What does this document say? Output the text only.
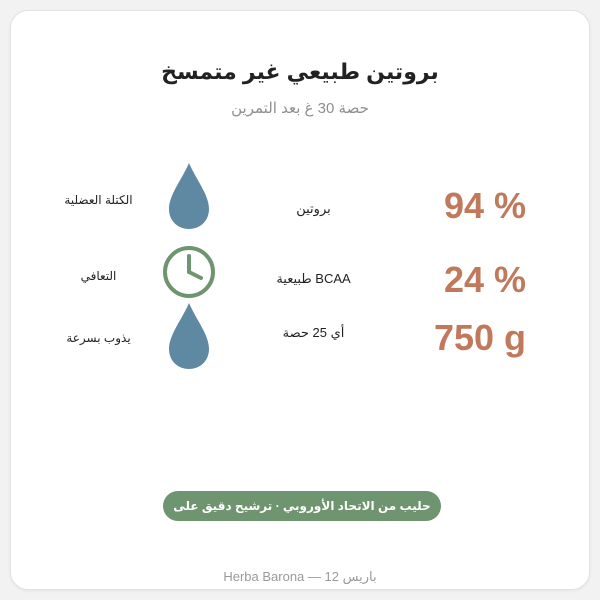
بروتين طبيعي غير متمسخ
حصة 30 غ بعد التمرين
94 %
بروتين
الكتلة العضلية
24 %
طبيعية BCAA
التعافي
750 g
أي 25 حصة
يذوب بسرعة
حليب من الاتحاد الأوروبي · ترشيح دقيق على البارد
Herba Barona — 12 باريس
